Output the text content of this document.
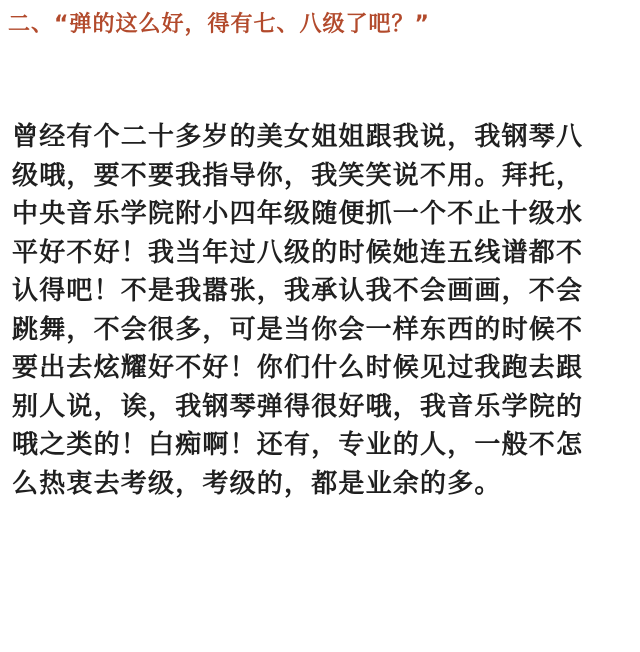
二、“弹的这么好，得有七、八级了吧？”
曾经有个二十多岁的美女姐姐跟我说，我钢琴八
级哦，要不要我指导你，我笑笑说不用。拜托，
中央音乐学院附小四年级随便抓一个不止十级水
平好不好！我当年过八级的时候她连五线谱都不
认得吧！不是我嚣张，我承认我不会画画，不会
跳舞，不会很多，可是当你会一样东西的时候不
要出去炫耀好不好！你们什么时候见过我跑去跟
别人说，诶，我钢琴弹得很好哦，我音乐学院的
哦之类的！白痴啊！还有，专业的人，一般不怎
么热衷去考级，考级的，都是业余的多。
